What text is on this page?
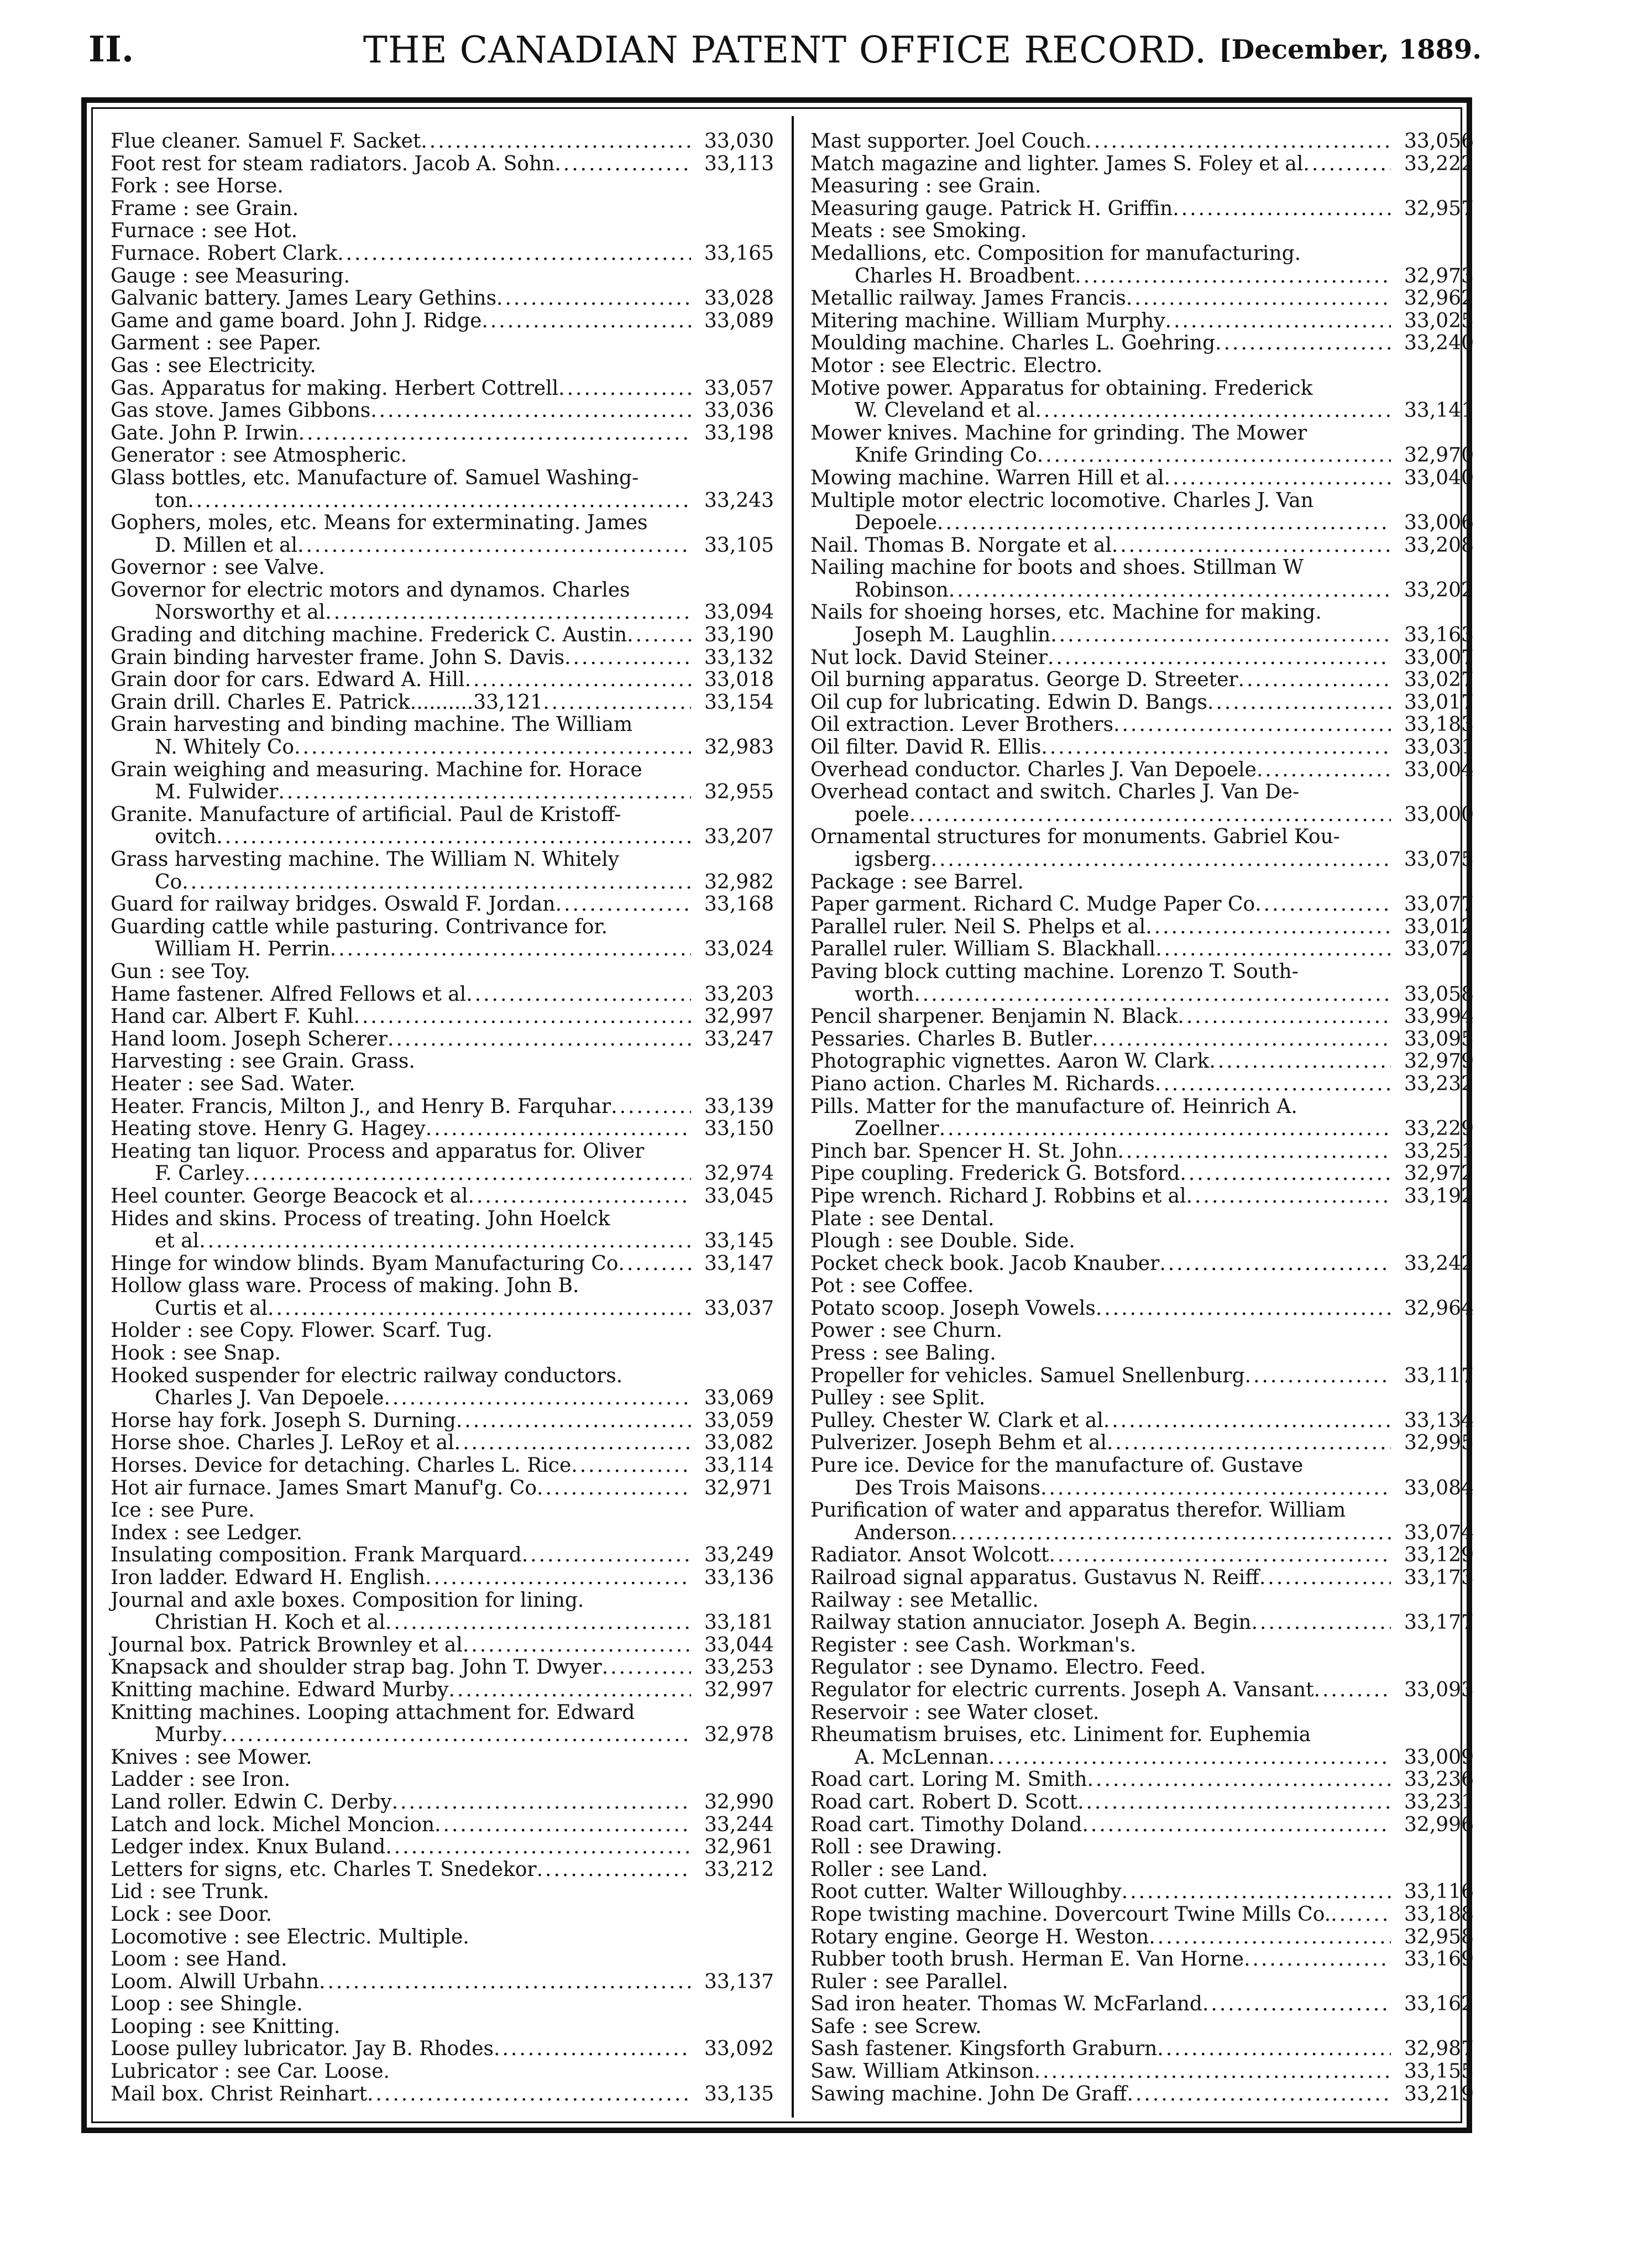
II.	THE CANADIAN PATENT OFFICE RECORD. [December, 1889.
Flue cleaner. Samuel F. Sacket .....	33,030
Foot rest for steam radiators. Jacob A. Sohn .....	33,113
Fork : see Horse.
Frame : see Grain.
Furnace : see Hot.
Furnace. Robert Clark .....	33,165
Gauge : see Measuring.
Galvanic battery. James Leary Gethins .....	33,028
Game and game board. John J. Ridge .....	33,089
Garment : see Paper.
Gas : see Electricity.
Gas. Apparatus for making. Herbert Cottrell .....	33,057
Gas stove. James Gibbons .....	33,036
Gate. John P. Irwin .....	33,198
Generator : see Atmospheric.
Glass bottles, etc. Manufacture of. Samuel Washing-
ton .....	33,243
Gophers, moles, etc. Means for exterminating. James
D. Millen et al .....	33,105
Governor : see Valve.
Governor for electric motors and dynamos. Charles
Norsworthy et al .....	33,094
Grading and ditching machine. Frederick C. Austin .....	33,190
Grain binding harvester frame. John S. Davis .....	33,132
Grain door for cars. Edward A. Hill .....	33,018
Grain drill. Charles E. Patrick..........33,121 .....	33,154
Grain harvesting and binding machine. The William
N. Whitely Co .....	32,983
Grain weighing and measuring. Machine for. Horace
M. Fulwider .....	32,955
Granite. Manufacture of artificial. Paul de Kristoff-
ovitch .....	33,207
Grass harvesting machine. The William N. Whitely
Co .....	32,982
Guard for railway bridges. Oswald F. Jordan .....	33,168
Guarding cattle while pasturing. Contrivance for.
William H. Perrin .....	33,024
Gun : see Toy.
Hame fastener. Alfred Fellows et al .....	33,203
Hand car. Albert F. Kuhl .....	32,997
Hand loom. Joseph Scherer .....	33,247
Harvesting : see Grain. Grass.
Heater : see Sad. Water.
Heater. Francis, Milton J., and Henry B. Farquhar .....	33,139
Heating stove. Henry G. Hagey .....	33,150
Heating tan liquor. Process and apparatus for. Oliver
F. Carley .....	32,974
Heel counter. George Beacock et al .....	33,045
Hides and skins. Process of treating. John Hoelck
et al .....	33,145
Hinge for window blinds. Byam Manufacturing Co .....	33,147
Hollow glass ware. Process of making. John B.
Curtis et al .....	33,037
Holder : see Copy. Flower. Scarf. Tug.
Hook : see Snap.
Hooked suspender for electric railway conductors.
Charles J. Van Depoele .....	33,069
Horse hay fork. Joseph S. Durning .....	33,059
Horse shoe. Charles J. LeRoy et al .....	33,082
Horses. Device for detaching. Charles L. Rice .....	33,114
Hot air furnace. James Smart Manuf'g. Co .....	32,971
Ice : see Pure.
Index : see Ledger.
Insulating composition. Frank Marquard .....	33,249
Iron ladder. Edward H. English .....	33,136
Journal and axle boxes. Composition for lining.
Christian H. Koch et al .....	33,181
Journal box. Patrick Brownley et al .....	33,044
Knapsack and shoulder strap bag. John T. Dwyer .....	33,253
Knitting machine. Edward Murby .....	32,997
Knitting machines. Looping attachment for. Edward
Murby .....	32,978
Knives : see Mower.
Ladder : see Iron.
Land roller. Edwin C. Derby .....	32,990
Latch and lock. Michel Moncion .....	33,244
Ledger index. Knux Buland .....	32,961
Letters for signs, etc. Charles T. Snedekor .....	33,212
Lid : see Trunk.
Lock : see Door.
Locomotive : see Electric. Multiple.
Loom : see Hand.
Loom. Alwill Urbahn .....	33,137
Loop : see Shingle.
Looping : see Knitting.
Loose pulley lubricator. Jay B. Rhodes .....	33,092
Lubricator : see Car. Loose.
Mail box. Christ Reinhart .....	33,135
Mast supporter. Joel Couch .....	33,056
Match magazine and lighter. James S. Foley et al .....	33,222
Measuring : see Grain.
Measuring gauge. Patrick H. Griffin .....	32,957
Meats : see Smoking.
Medallions, etc. Composition for manufacturing.
Charles H. Broadbent .....	32,973
Metallic railway. James Francis .....	32,962
Mitering machine. William Murphy .....	33,025
Moulding machine. Charles L. Goehring .....	33,240
Motor : see Electric. Electro.
Motive power. Apparatus for obtaining. Frederick
W. Cleveland et al .....	33,141
Mower knives. Machine for grinding. The Mower
Knife Grinding Co .....	32,970
Mowing machine. Warren Hill et al .....	33,040
Multiple motor electric locomotive. Charles J. Van
Depoele .....	33,006
Nail. Thomas B. Norgate et al .....	33,208
Nailing machine for boots and shoes. Stillman W
Robinson .....	33,202
Nails for shoeing horses, etc. Machine for making.
Joseph M. Laughlin .....	33,163
Nut lock. David Steiner .....	33,007
Oil burning apparatus. George D. Streeter .....	33,027
Oil cup for lubricating. Edwin D. Bangs .....	33,017
Oil extraction. Lever Brothers .....	33,183
Oil filter. David R. Ellis .....	33,031
Overhead conductor. Charles J. Van Depoele .....	33,004
Overhead contact and switch. Charles J. Van De-
poele .....	33,000
Ornamental structures for monuments. Gabriel Kou-
igsberg .....	33,075
Package : see Barrel.
Paper garment. Richard C. Mudge Paper Co .....	33,077
Parallel ruler. Neil S. Phelps et al .....	33,012
Parallel ruler. William S. Blackhall .....	33,072
Paving block cutting machine. Lorenzo T. South-
worth .....	33,058
Pencil sharpener. Benjamin N. Black .....	33,994
Pessaries. Charles B. Butler .....	33,095
Photographic vignettes. Aaron W. Clark .....	32,979
Piano action. Charles M. Richards .....	33,232
Pills. Matter for the manufacture of. Heinrich A.
Zoellner .....	33,229
Pinch bar. Spencer H. St. John .....	33,251
Pipe coupling. Frederick G. Botsford .....	32,972
Pipe wrench. Richard J. Robbins et al .....	33,192
Plate : see Dental.
Plough : see Double. Side.
Pocket check book. Jacob Knauber .....	33,242
Pot : see Coffee.
Potato scoop. Joseph Vowels .....	32,964
Power : see Churn.
Press : see Baling.
Propeller for vehicles. Samuel Snellenburg .....	33,117
Pulley : see Split.
Pulley. Chester W. Clark et al .....	33,134
Pulverizer. Joseph Behm et al .....	32,995
Pure ice. Device for the manufacture of. Gustave
Des Trois Maisons .....	33,084
Purification of water and apparatus therefor. William
Anderson .....	33,074
Radiator. Ansot Wolcott .....	33,129
Railroad signal apparatus. Gustavus N. Reiff .....	33,173
Railway : see Metallic.
Railway station annuciator. Joseph A. Begin .....	33,177
Register : see Cash. Workman's.
Regulator : see Dynamo. Electro. Feed.
Regulator for electric currents. Joseph A. Vansant .....	33,093
Reservoir : see Water closet.
Rheumatism bruises, etc. Liniment for. Euphemia
A. McLennan .....	33,009
Road cart. Loring M. Smith .....	33,236
Road cart. Robert D. Scott .....	33,231
Road cart. Timothy Doland .....	32,996
Roll : see Drawing.
Roller : see Land.
Root cutter. Walter Willoughby .....	33,116
Rope twisting machine. Dovercourt Twine Mills Co. .....	33,188
Rotary engine. George H. Weston .....	32,958
Rubber tooth brush. Herman E. Van Horne .....	33,169
Ruler : see Parallel.
Sad iron heater. Thomas W. McFarland .....	33,162
Safe : see Screw.
Sash fastener. Kingsforth Graburn .....	32,987
Saw. William Atkinson .....	33,155
Sawing machine. John De Graff .....	33,219
